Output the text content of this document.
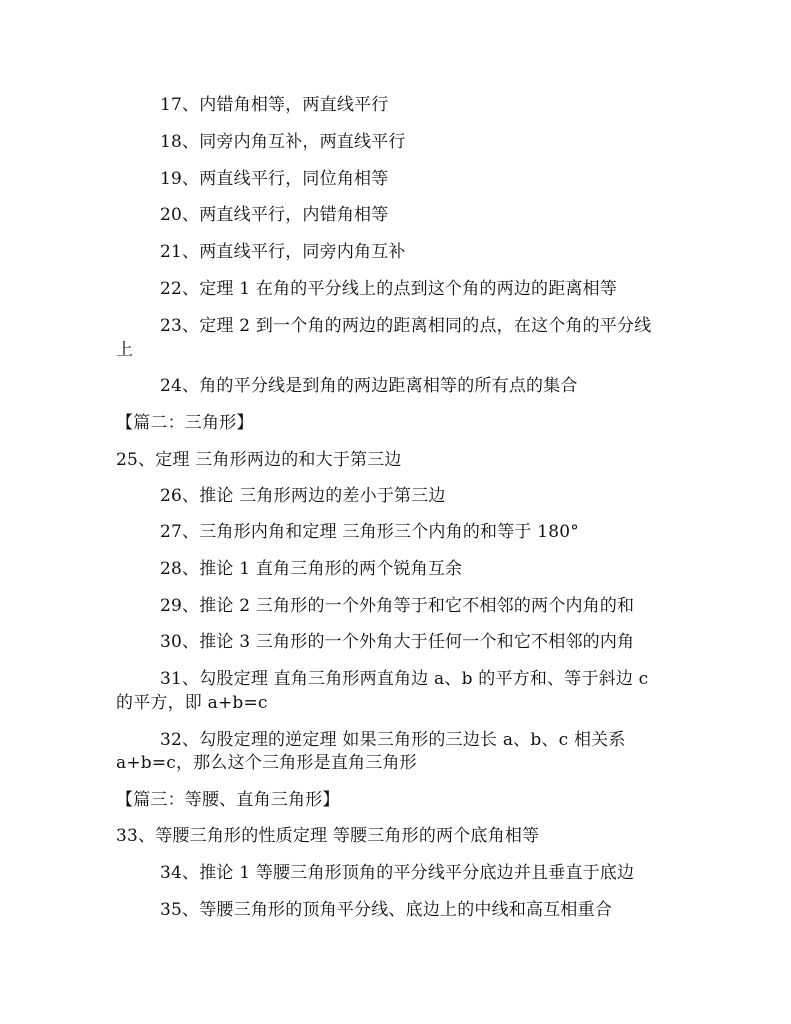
17、内错角相等，两直线平行
18、同旁内角互补，两直线平行
19、两直线平行，同位角相等
20、两直线平行，内错角相等
21、两直线平行，同旁内角互补
22、定理 1 在角的平分线上的点到这个角的两边的距离相等
23、定理 2 到一个角的两边的距离相同的点，在这个角的平分线
上
24、角的平分线是到角的两边距离相等的所有点的集合
【篇二：三角形】
25、定理 三角形两边的和大于第三边
26、推论 三角形两边的差小于第三边
27、三角形内角和定理 三角形三个内角的和等于 180°
28、推论 1 直角三角形的两个锐角互余
29、推论 2 三角形的一个外角等于和它不相邻的两个内角的和
30、推论 3 三角形的一个外角大于任何一个和它不相邻的内角
31、勾股定理 直角三角形两直角边 a、b 的平方和、等于斜边 c
的平方，即 a+b=c
32、勾股定理的逆定理 如果三角形的三边长 a、b、c 相关系
a+b=c，那么这个三角形是直角三角形
【篇三：等腰、直角三角形】
33、等腰三角形的性质定理 等腰三角形的两个底角相等
34、推论 1 等腰三角形顶角的平分线平分底边并且垂直于底边
35、等腰三角形的顶角平分线、底边上的中线和高互相重合
